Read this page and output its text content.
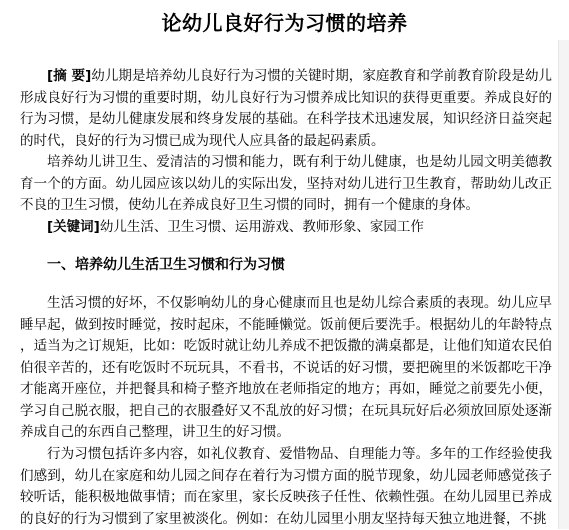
论幼儿良好行为习惯的培养
[摘 要]幼儿期是培养幼儿良好行为习惯的关键时期，家庭教育和学前教育阶段是幼儿形成良好行为习惯的重要时期，幼儿良好行为习惯养成比知识的获得更重要。养成良好的行为习惯，是幼儿健康发展和终身发展的基础。在科学技术迅速发展，知识经济日益突起的时代，良好的行为习惯已成为现代人应具备的最起码素质。
培养幼儿讲卫生、爱清洁的习惯和能力，既有利于幼儿健康，也是幼儿园文明美德教育一个的方面。幼儿园应该以幼儿的实际出发，坚持对幼儿进行卫生教育，帮助幼儿改正不良的卫生习惯，使幼儿在养成良好卫生习惯的同时，拥有一个健康的身体。
[关键词]幼儿生活、卫生习惯、运用游戏、教师形象、家园工作
一、培养幼儿生活卫生习惯和行为习惯
生活习惯的好坏，不仅影响幼儿的身心健康而且也是幼儿综合素质的表现。幼儿应早睡早起，做到按时睡觉，按时起床，不能睡懒觉。饭前便后要洗手。根据幼儿的年龄特点，适当为之订规矩，比如：吃饭时就让幼儿养成不把饭撒的满桌都是，让他们知道农民伯伯很辛苦的，还有吃饭时不玩玩具，不看书，不说话的好习惯，要把碗里的米饭都吃干净才能离开座位，并把餐具和椅子整齐地放在老师指定的地方；再如，睡觉之前要先小便，学习自己脱衣服，把自己的衣服叠好又不乱放的好习惯；在玩具玩好后必须放回原处逐渐养成自己的东西自己整理，讲卫生的好习惯。
行为习惯包括许多内容，如礼仪教育、爱惜物品、自理能力等。多年的工作经验使我们感到，幼儿在家庭和幼儿园之间存在着行为习惯方面的脱节现象，幼儿园老师感觉孩子较听话，能积极地做事情；而在家里，家长反映孩子任性、依赖性强。在幼儿园里已养成的良好的行为习惯到了家里被淡化。例如：在幼儿园里小朋友坚持每天独立地进餐，不挑
